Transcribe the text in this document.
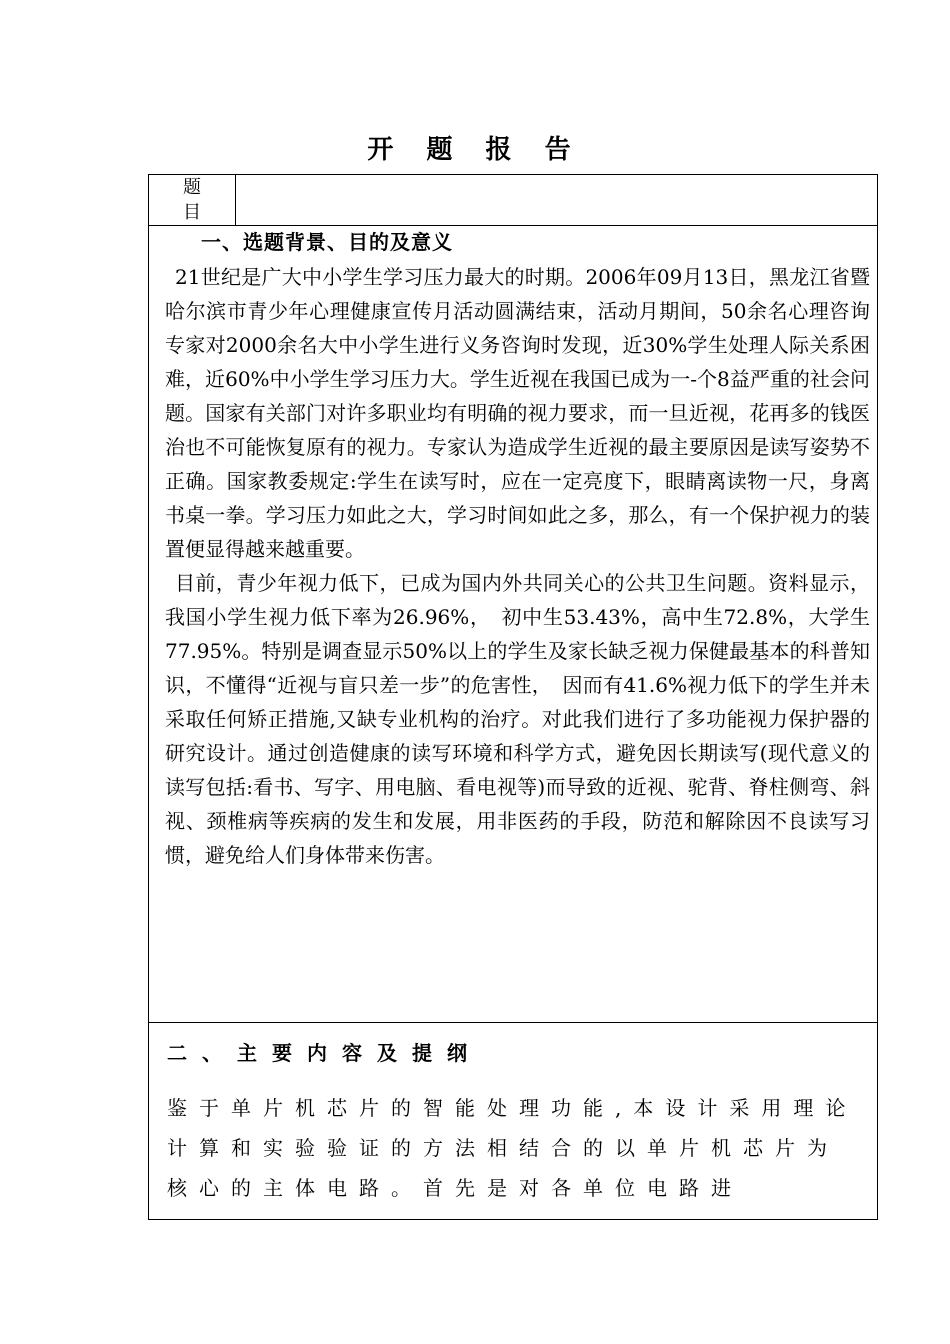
开 题 报 告
题
目
一、选题背景、目的及意义

21世纪是广大中小学生学习压力最大的时期。2006年09月13日，黑龙江省暨哈尔滨市青少年心理健康宣传月活动圆满结束，活动月期间，50余名心理咨询专家对2000余名大中小学生进行义务咨询时发现，近30%学生处理人际关系困难，近60%中小学生学习压力大。学生近视在我国已成为一-个8益严重的社会问题。国家有关部门对许多职业均有明确的视力要求，而一旦近视，花再多的钱医治也不可能恢复原有的视力。专家认为造成学生近视的最主要原因是读写姿势不正确。国家教委规定:学生在读写时，应在一定亮度下，眼睛离读物一尺，身离书桌一拳。学习压力如此之大，学习时间如此之多，那么，有一个保护视力的装置便显得越来越重要。

目前，青少年视力低下，已成为国内外共同关心的公共卫生问题。资料显示，我国小学生视力低下率为26.96%，　初中生53.43%，高中生72.8%，大学生77.95%。特别是调查显示50%以上的学生及家长缺乏视力保健最基本的科普知识，不懂得“近视与盲只差一步”的危害性，　因而有41.6%视力低下的学生并未采取任何矫正措施,又缺专业机构的治疗。对此我们进行了多功能视力保护器的研究设计。通过创造健康的读写环境和科学方式，避免因长期读写(现代意义的读写包括:看书、写字、用电脑、看电视等)而导致的近视、驼背、脊柱侧弯、斜视、颈椎病等疾病的发生和发展，用非医药的手段，防范和解除因不良读写习惯，避免给人们身体带来伤害。

二、主要内容及提纲

鉴于单片机芯片的智能处理功能,本设计采用理论计算和实验验证的方法相结合的以单片机芯片为核心的主体电路。首先是对各单位电路进
